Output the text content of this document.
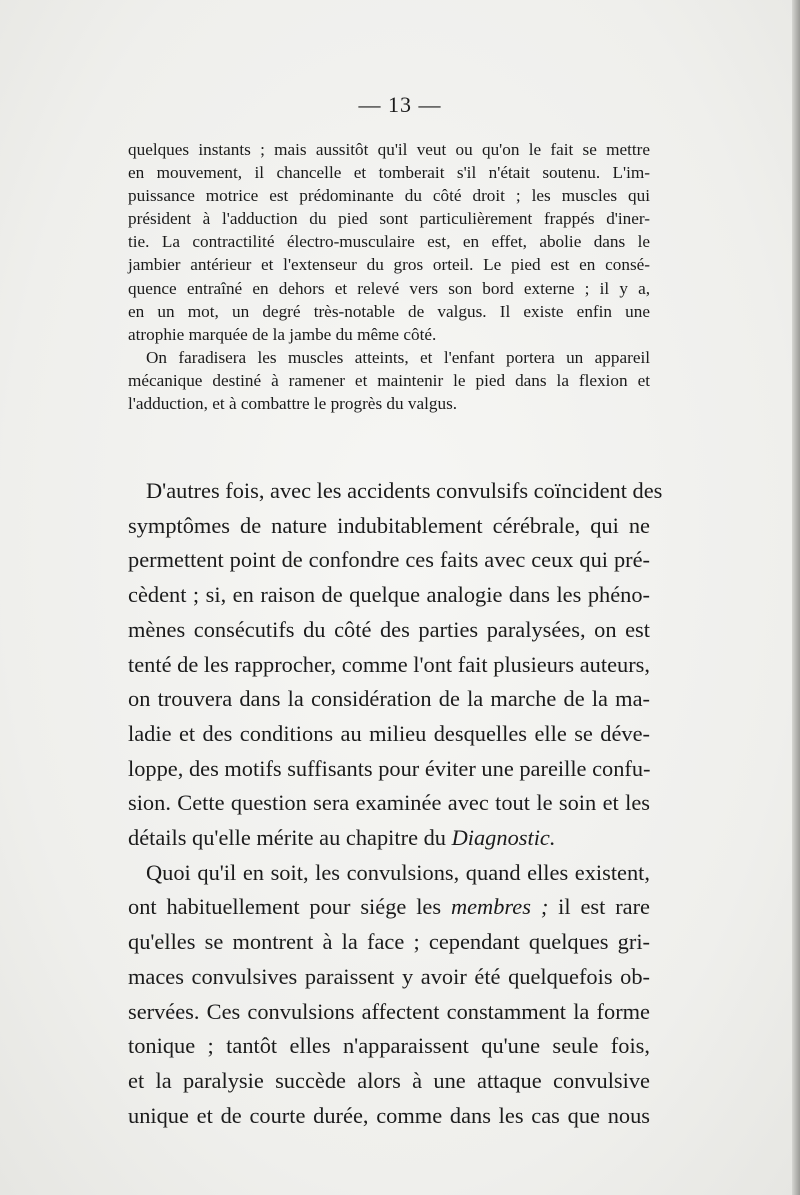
— 13 —
quelques instants ; mais aussitôt qu'il veut ou qu'on le fait se mettre
en mouvement, il chancelle et tomberait s'il n'était soutenu. L'im-
puissance motrice est prédominante du côté droit ; les muscles qui
président à l'adduction du pied sont particulièrement frappés d'iner-
tie. La contractilité électro-musculaire est, en effet, abolie dans le
jambier antérieur et l'extenseur du gros orteil. Le pied est en consé-
quence entraîné en dehors et relevé vers son bord externe ; il y a,
en un mot, un degré très-notable de valgus. Il existe enfin une
atrophie marquée de la jambe du même côté.
On faradisera les muscles atteints, et l'enfant portera un appareil
mécanique destiné à ramener et maintenir le pied dans la flexion et
l'adduction, et à combattre le progrès du valgus.
D'autres fois, avec les accidents convulsifs coïncident des
symptômes de nature indubitablement cérébrale, qui ne
permettent point de confondre ces faits avec ceux qui pré-
cèdent ; si, en raison de quelque analogie dans les phéno-
mènes consécutifs du côté des parties paralysées, on est
tenté de les rapprocher, comme l'ont fait plusieurs auteurs,
on trouvera dans la considération de la marche de la ma-
ladie et des conditions au milieu desquelles elle se déve-
loppe, des motifs suffisants pour éviter une pareille confu-
sion. Cette question sera examinée avec tout le soin et les
détails qu'elle mérite au chapitre du Diagnostic.
Quoi qu'il en soit, les convulsions, quand elles existent,
ont habituellement pour siége les membres ; il est rare
qu'elles se montrent à la face ; cependant quelques gri-
maces convulsives paraissent y avoir été quelquefois ob-
servées. Ces convulsions affectent constamment la forme
tonique ; tantôt elles n'apparaissent qu'une seule fois,
et la paralysie succède alors à une attaque convulsive
unique et de courte durée, comme dans les cas que nous
